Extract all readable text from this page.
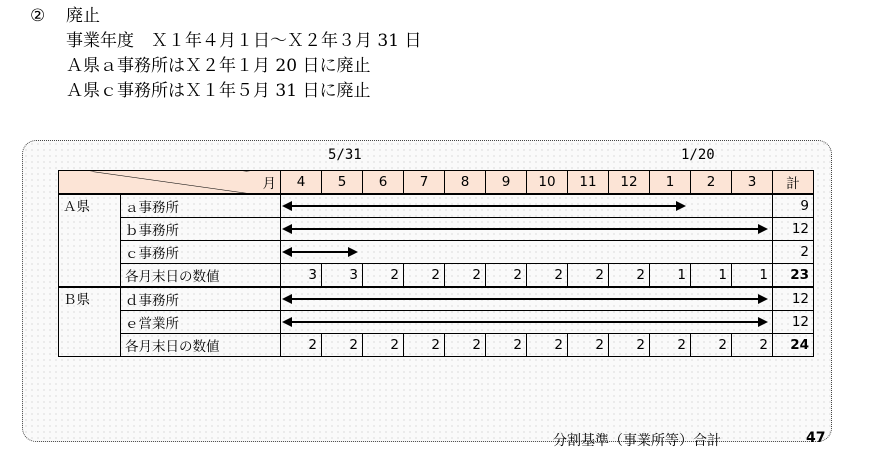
②	廃止
事業年度　Ｘ１年４月１日～Ｘ２年３月 31 日
Ａ県ａ事務所はＸ２年１月 20 日に廃止
Ａ県ｃ事務所はＸ１年５月 31 日に廃止
5/31	1/20
月		4	5	6	7	8	9	10	11	12	1	2	3	計
Ａ県	ａ事務所													9
	ｂ事務所													12
	ｃ事務所													2
	各月末日の数値	3	3	2	2	2	2	2	2	2	1	1	1	23
Ｂ県	ｄ事務所													12
	ｅ営業所													12
	各月末日の数値	2	2	2	2	2	2	2	2	2	2	2	2	24
分割基準（事業所等）合計	47
